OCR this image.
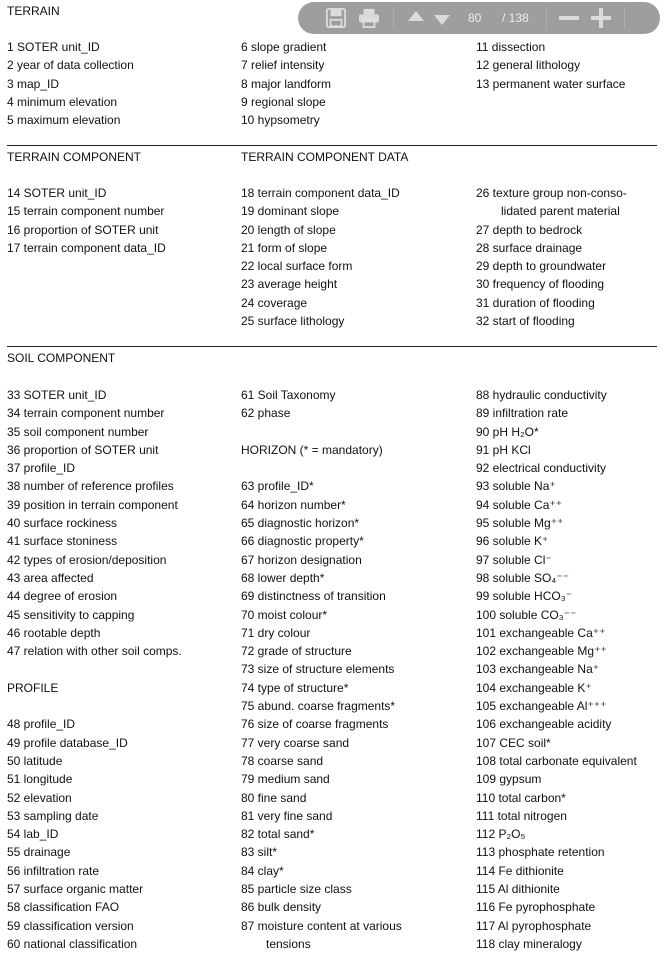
TERRAIN
1 SOTER unit_ID
2 year of data collection
3 map_ID
4 minimum elevation
5 maximum elevation
6 slope gradient
7 relief intensity
8 major landform
9 regional slope
10 hypsometry
11 dissection
12 general lithology
13 permanent water surface
TERRAIN COMPONENT	TERRAIN COMPONENT DATA
14 SOTER unit_ID
15 terrain component number
16 proportion of SOTER unit
17 terrain component data_ID
18 terrain component data_ID
19 dominant slope
20 length of slope
21 form of slope
22 local surface form
23 average height
24 coverage
25 surface lithology
26 texture group non-conso-
lidated parent material
27 depth to bedrock
28 surface drainage
29 depth to groundwater
30 frequency of flooding
31 duration of flooding
32 start of flooding
SOIL COMPONENT
33 SOTER unit_ID
34 terrain component number
35 soil component number
36 proportion of SOTER unit
37 profile_ID
38 number of reference profiles
39 position in terrain component
40 surface rockiness
41 surface stoniness
42 types of erosion/deposition
43 area affected
44 degree of erosion
45 sensitivity to capping
46 rootable depth
47 relation with other soil comps.
PROFILE
48 profile_ID
49 profile database_ID
50 latitude
51 longitude
52 elevation
53 sampling date
54 lab_ID
55 drainage
56 infiltration rate
57 surface organic matter
58 classification FAO
59 classification version
60 national classification
61 Soil Taxonomy
62 phase
HORIZON (* = mandatory)
63 profile_ID*
64 horizon number*
65 diagnostic horizon*
66 diagnostic property*
67 horizon designation
68 lower depth*
69 distinctness of transition
70 moist colour*
71 dry colour
72 grade of structure
73 size of structure elements
74 type of structure*
75 abund. coarse fragments*
76 size of coarse fragments
77 very coarse sand
78 coarse sand
79 medium sand
80 fine sand
81 very fine sand
82 total sand*
83 silt*
84 clay*
85 particle size class
86 bulk density
87 moisture content at various
tensions
88 hydraulic conductivity
89 infiltration rate
90 pH H₂O*
91 pH KCl
92 electrical conductivity
93 soluble Na⁺
94 soluble Ca⁺⁺
95 soluble Mg⁺⁺
96 soluble K⁺
97 soluble Cl⁻
98 soluble SO₄⁻⁻
99 soluble HCO₃⁻
100 soluble CO₃⁻⁻
101 exchangeable Ca⁺⁺
102 exchangeable Mg⁺⁺
103 exchangeable Na⁺
104 exchangeable K⁺
105 exchangeable Al⁺⁺⁺
106 exchangeable acidity
107 CEC soil*
108 total carbonate equivalent
109 gypsum
110 total carbon*
111 total nitrogen
112 P₂O₅
113 phosphate retention
114 Fe dithionite
115 Al dithionite
116 Fe pyrophosphate
117 Al pyrophosphate
118 clay mineralogy
80 / 138
